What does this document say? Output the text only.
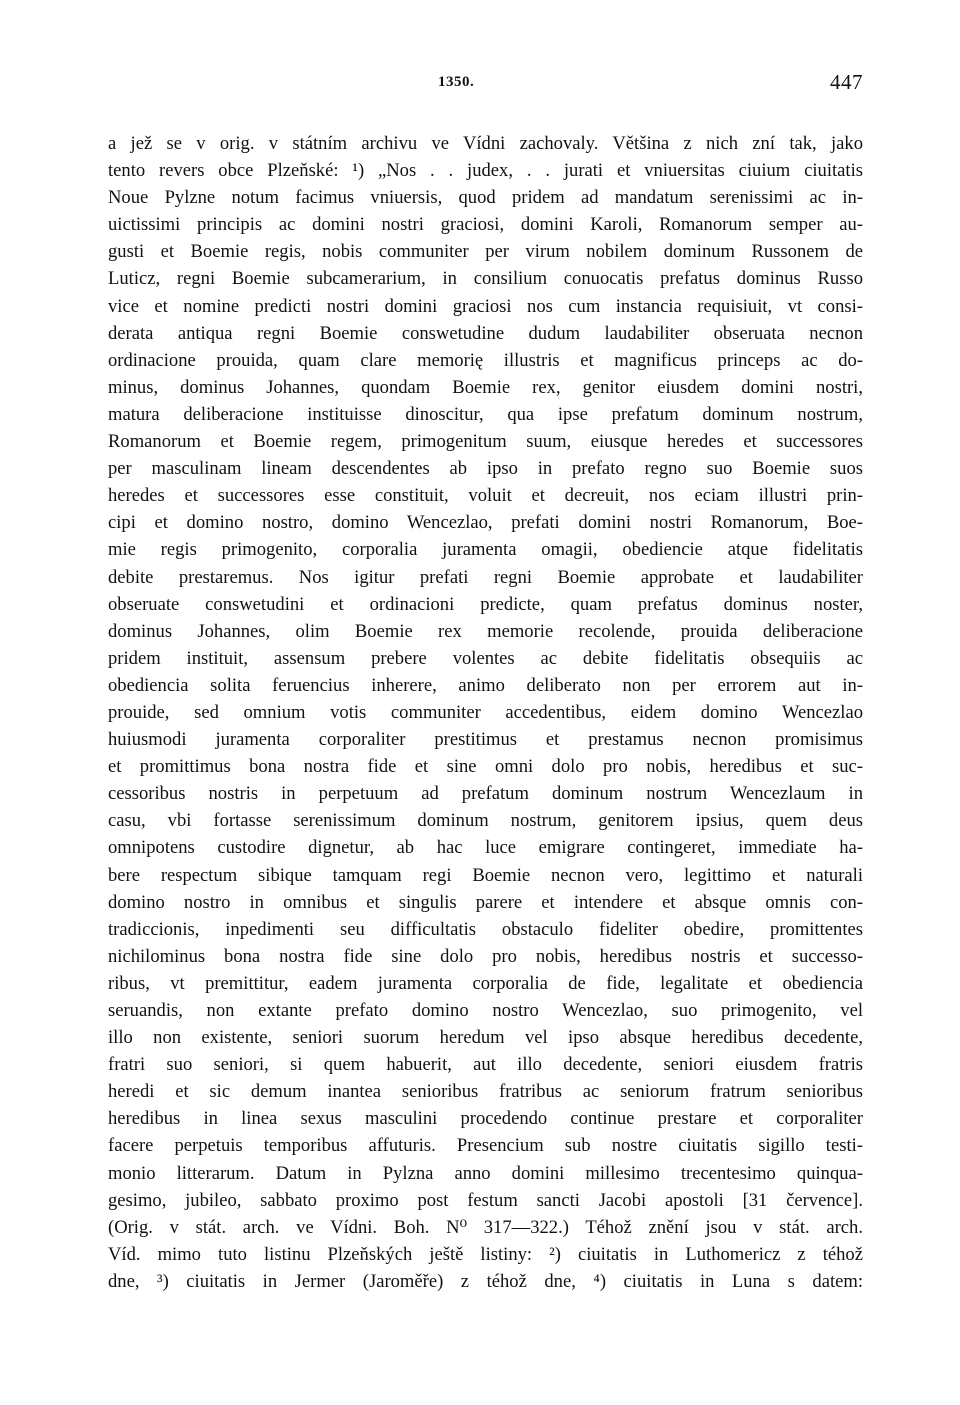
1350.	447
a jež se v orig. v státním archivu ve Vídni zachovaly. Většina z nich zní tak, jako
tento revers obce Plzeňské: ¹) „Nos . . judex, . . jurati et vniuersitas ciuium ciuitatis
Noue Pylzne notum facimus vniuersis, quod pridem ad mandatum serenissimi ac in-
uictissimi principis ac domini nostri graciosi, domini Karoli, Romanorum semper au-
gusti et Boemie regis, nobis communiter per virum nobilem dominum Russonem de
Luticz, regni Boemie subcamerarium, in consilium conuocatis prefatus dominus Russo
vice et nomine predicti nostri domini graciosi nos cum instancia requisiuit, vt consi-
derata antiqua regni Boemie conswetudine dudum laudabiliter obseruata necnon
ordinacione prouida, quam clare memorię illustris et magnificus princeps ac do-
minus, dominus Johannes, quondam Boemie rex, genitor eiusdem domini nostri,
matura deliberacione instituisse dinoscitur, qua ipse prefatum dominum nostrum,
Romanorum et Boemie regem, primogenitum suum, eiusque heredes et successores
per masculinam lineam descendentes ab ipso in prefato regno suo Boemie suos
heredes et successores esse constituit, voluit et decreuit, nos eciam illustri prin-
cipi et domino nostro, domino Wencezlao, prefati domini nostri Romanorum, Boe-
mie regis primogenito, corporalia juramenta omagii, obediencie atque fidelitatis
debite prestaremus. Nos igitur prefati regni Boemie approbate et laudabiliter
obseruate conswetudini et ordinacioni predicte, quam prefatus dominus noster,
dominus Johannes, olim Boemie rex memorie recolende, prouida deliberacione
pridem instituit, assensum prebere volentes ac debite fidelitatis obsequiis ac
obediencia solita feruencius inherere, animo deliberato non per errorem aut in-
prouide, sed omnium votis communiter accedentibus, eidem domino Wencezlao
huiusmodi juramenta corporaliter prestitimus et prestamus necnon promisimus
et promittimus bona nostra fide et sine omni dolo pro nobis, heredibus et suc-
cessoribus nostris in perpetuum ad prefatum dominum nostrum Wencezlaum in
casu, vbi fortasse serenissimum dominum nostrum, genitorem ipsius, quem deus
omnipotens custodire dignetur, ab hac luce emigrare contingeret, immediate ha-
bere respectum sibique tamquam regi Boemie necnon vero, legittimo et naturali
domino nostro in omnibus et singulis parere et intendere et absque omnis con-
tradiccionis, inpedimenti seu difficultatis obstaculo fideliter obedire, promittentes
nichilominus bona nostra fide sine dolo pro nobis, heredibus nostris et successo-
ribus, vt premittitur, eadem juramenta corporalia de fide, legalitate et obediencia
seruandis, non extante prefato domino nostro Wencezlao, suo primogenito, vel
illo non existente, seniori suorum heredum vel ipso absque heredibus decedente,
fratri suo seniori, si quem habuerit, aut illo decedente, seniori eiusdem fratris
heredi et sic demum inantea senioribus fratribus ac seniorum fratrum senioribus
heredibus in linea sexus masculini procedendo continue prestare et corporaliter
facere perpetuis temporibus affuturis. Presencium sub nostre ciuitatis sigillo testi-
monio litterarum. Datum in Pylzna anno domini millesimo trecentesimo quinqua-
gesimo, jubileo, sabbato proximo post festum sancti Jacobi apostoli [31 července].
(Orig. v stát. arch. ve Vídni. Boh. N⁰ 317—322.) Téhož znění jsou v stát. arch.
Víd. mimo tuto listinu Plzeňských ještě listiny: ²) ciuitatis in Luthomericz z téhož
dne, ³) ciuitatis in Jermer (Jaroměře) z téhož dne, ⁴) ciuitatis in Luna s datem:
